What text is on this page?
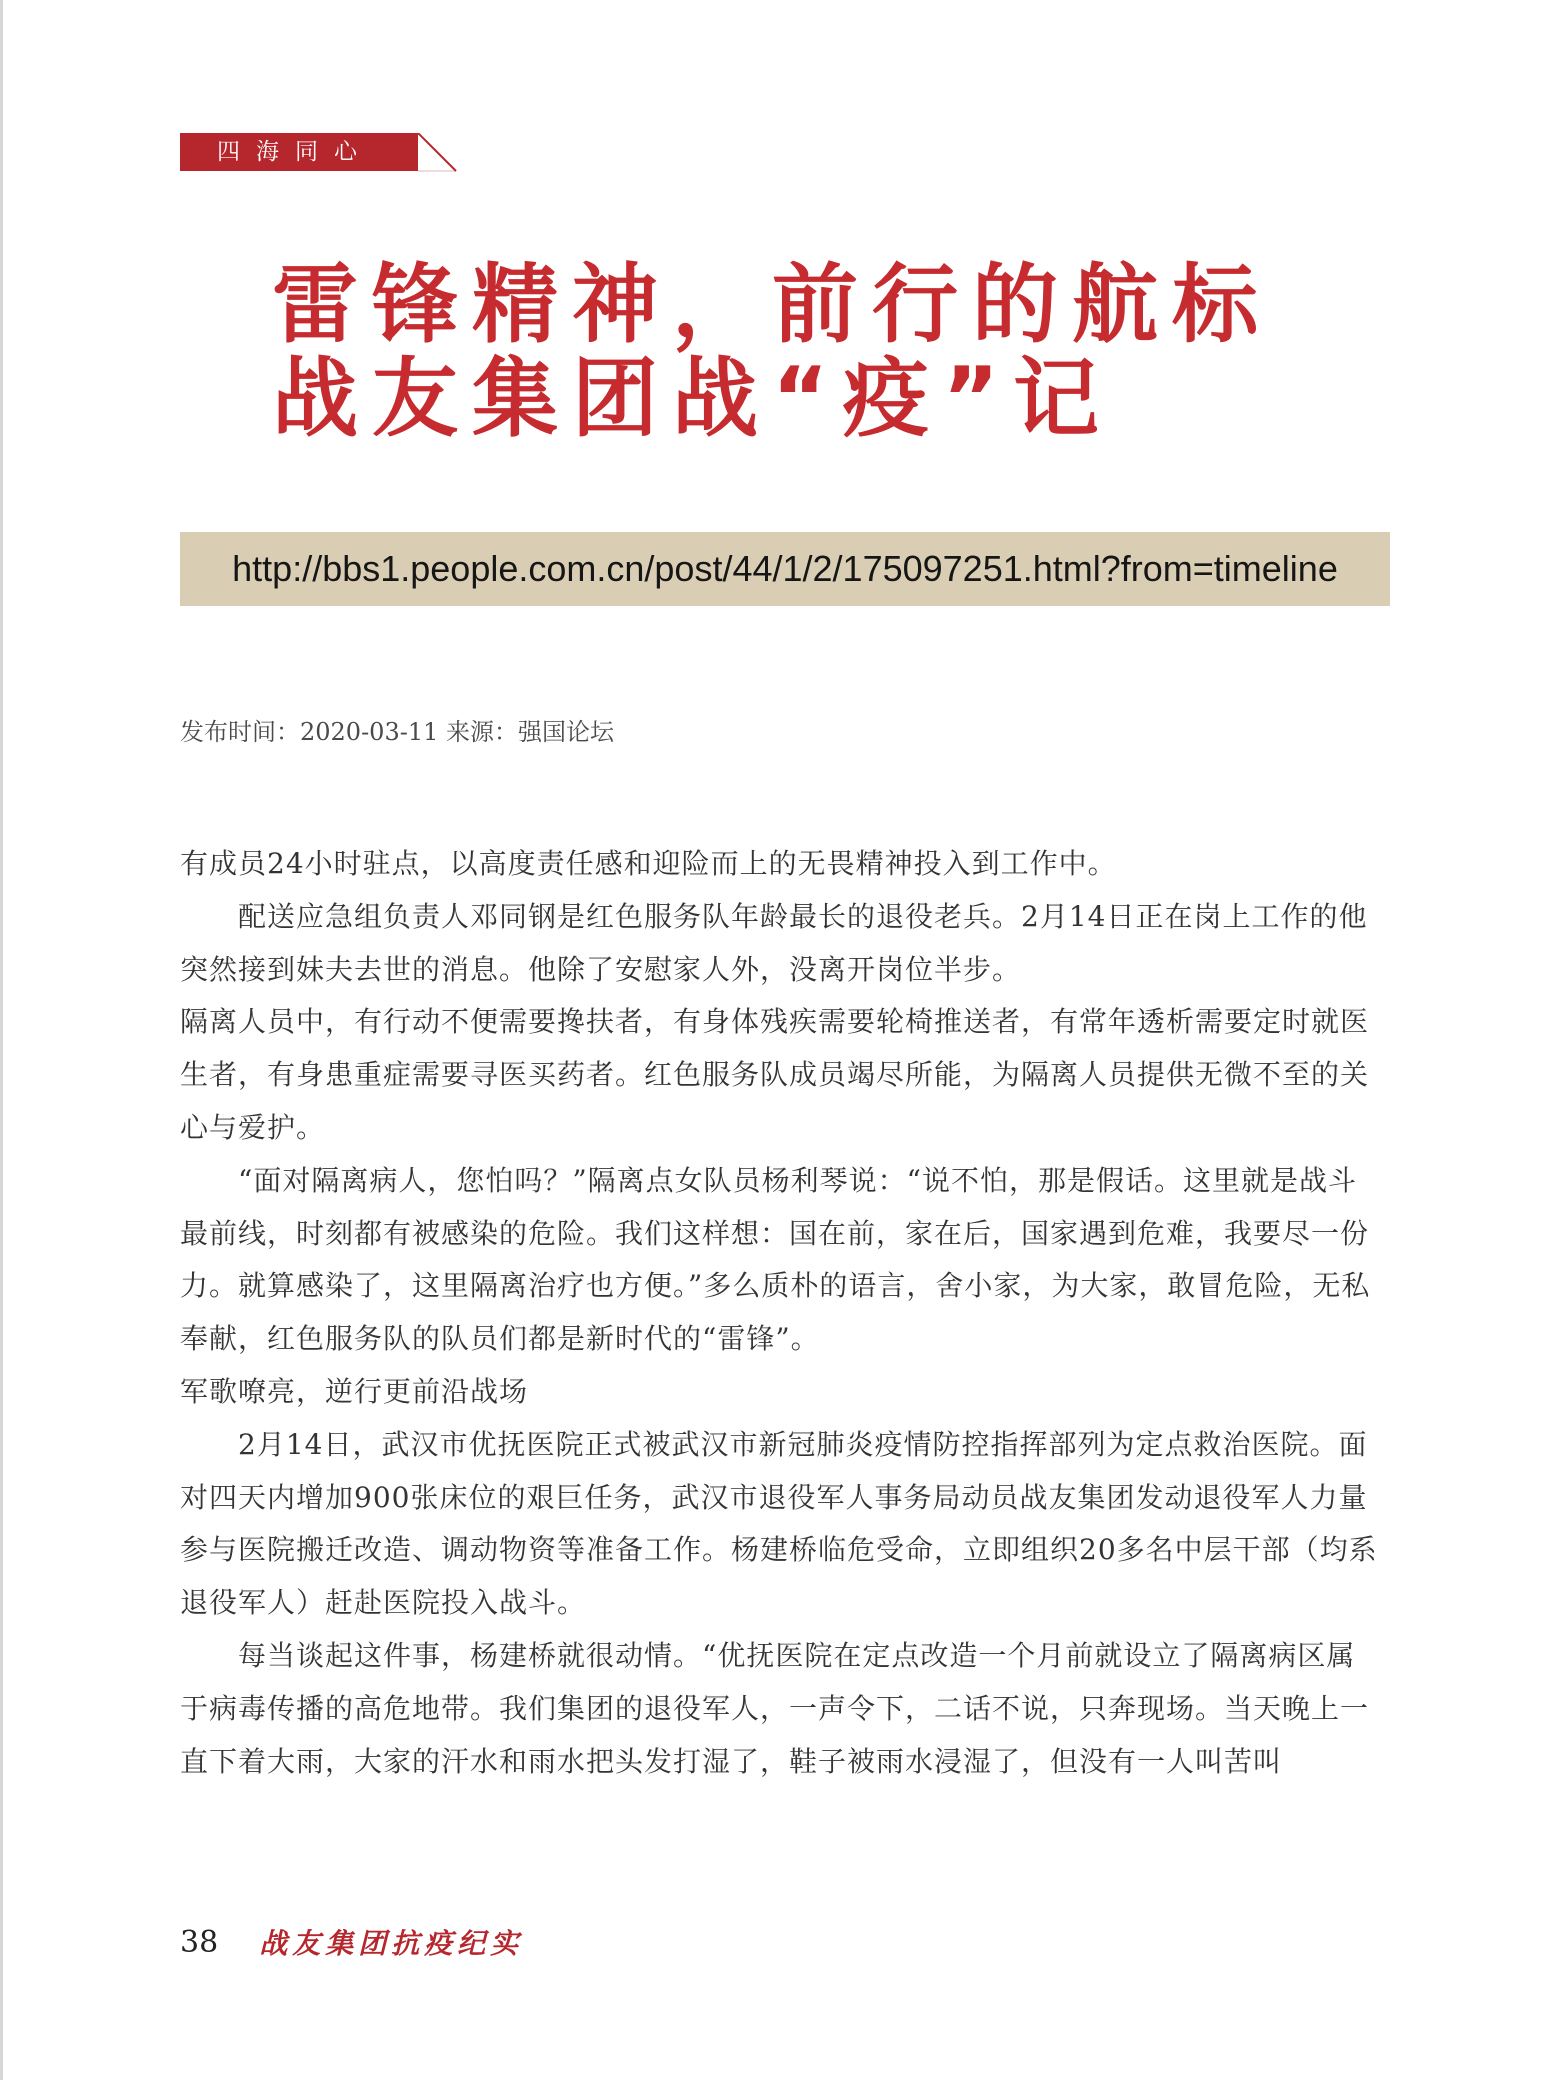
四海同心
雷锋精神，前行的航标
战友集团战“疫”记
http://bbs1.people.com.cn/post/44/1/2/175097251.html?from=timeline
发布时间：2020-03-11 来源：强国论坛

有成员24小时驻点，以高度责任感和迎险而上的无畏精神投入到工作中。

配送应急组负责人邓同钢是红色服务队年龄最长的退役老兵。2月14日正在岗上工作的他突然接到妹夫去世的消息。他除了安慰家人外，没离开岗位半步。

隔离人员中，有行动不便需要搀扶者，有身体残疾需要轮椅推送者，有常年透析需要定时就医生者，有身患重症需要寻医买药者。红色服务队成员竭尽所能，为隔离人员提供无微不至的关心与爱护。

“面对隔离病人，您怕吗？”隔离点女队员杨利琴说：“说不怕，那是假话。这里就是战斗最前线，时刻都有被感染的危险。我们这样想：国在前，家在后，国家遇到危难，我要尽一份力。就算感染了，这里隔离治疗也方便。”多么质朴的语言，舍小家，为大家，敢冒危险，无私奉献，红色服务队的队员们都是新时代的“雷锋”。

军歌嘹亮，逆行更前沿战场

2月14日，武汉市优抚医院正式被武汉市新冠肺炎疫情防控指挥部列为定点救治医院。面对四天内增加900张床位的艰巨任务，武汉市退役军人事务局动员战友集团发动退役军人力量参与医院搬迁改造、调动物资等准备工作。杨建桥临危受命，立即组织20多名中层干部（均系退役军人）赶赴医院投入战斗。

每当谈起这件事，杨建桥就很动情。“优抚医院在定点改造一个月前就设立了隔离病区属于病毒传播的高危地带。我们集团的退役军人，一声令下，二话不说，只奔现场。当天晚上一直下着大雨，大家的汗水和雨水把头发打湿了，鞋子被雨水浸湿了，但没有一人叫苦叫

38 战友集团抗疫纪实
